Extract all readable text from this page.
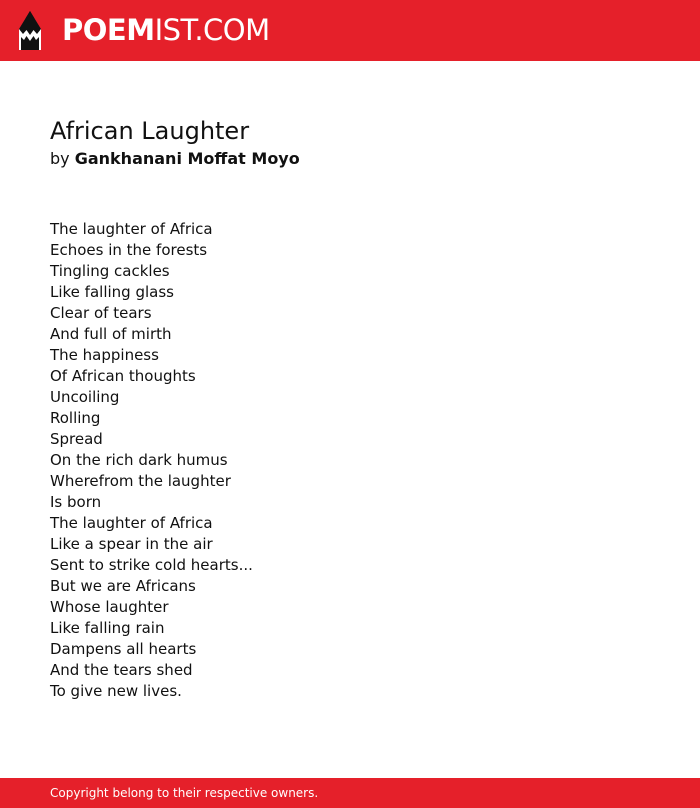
POEMIST.COM
African Laughter
by Gankhanani Moffat Moyo
The laughter of Africa
Echoes in the forests
Tingling cackles
Like falling glass
Clear of tears
And full of mirth
The happiness
Of African thoughts
Uncoiling
Rolling
Spread
On the rich dark humus
Wherefrom the laughter
Is born
The laughter of Africa
Like a spear in the air
Sent to strike cold hearts...
But we are Africans
Whose laughter
Like falling rain
Dampens all hearts
And the tears shed
To give new lives.
Copyright belong to their respective owners.
